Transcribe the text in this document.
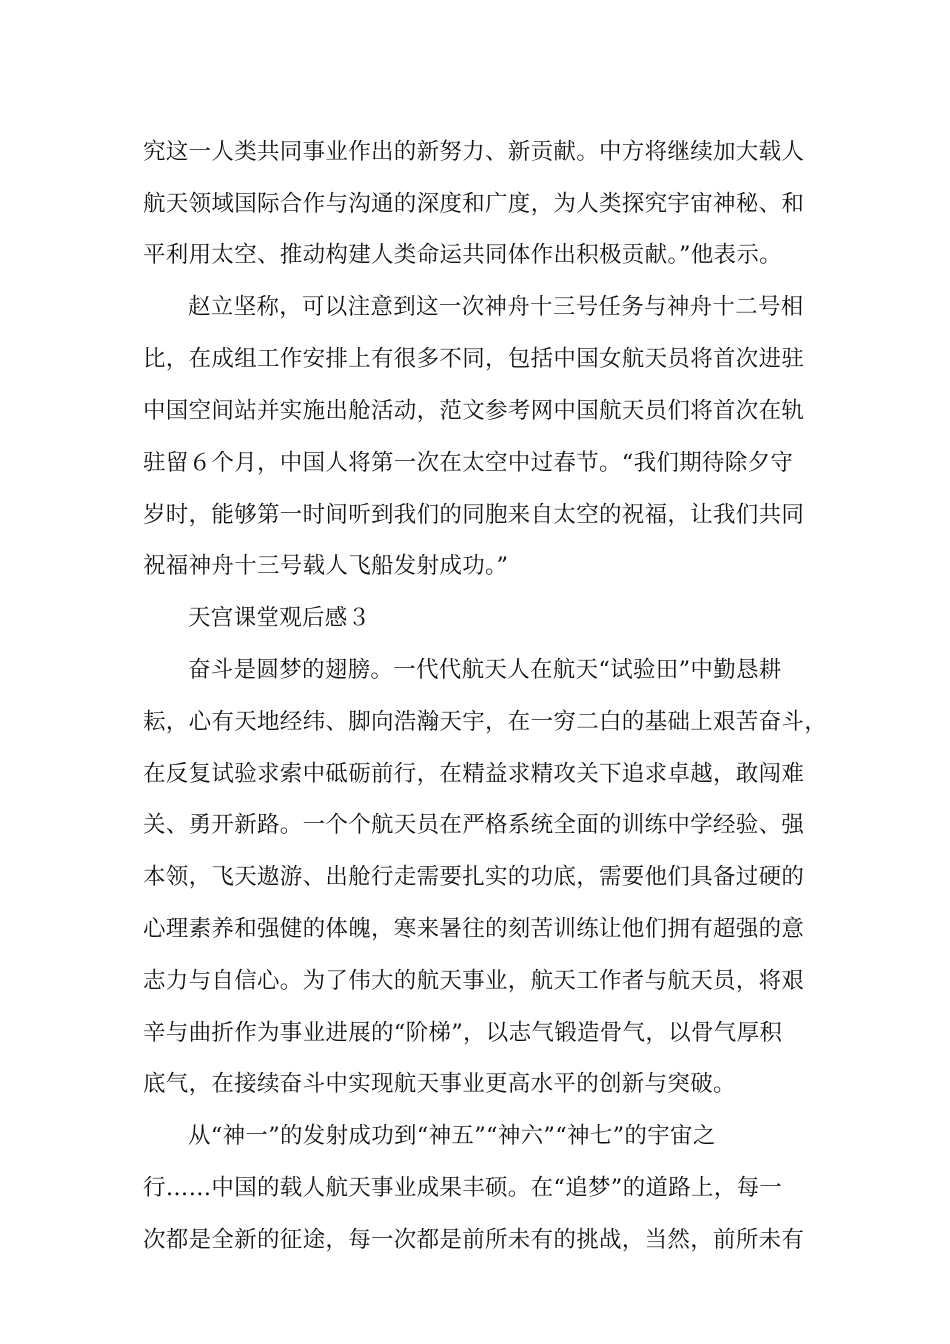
究这一人类共同事业作出的新努力、新贡献。中方将继续加大载人
航天领域国际合作与沟通的深度和广度，为人类探究宇宙神秘、和
平利用太空、推动构建人类命运共同体作出积极贡献。”他表示。
赵立坚称，可以注意到这一次神舟十三号任务与神舟十二号相
比，在成组工作安排上有很多不同，包括中国女航天员将首次进驻
中国空间站并实施出舱活动，范文参考网中国航天员们将首次在轨
驻留６个月，中国人将第一次在太空中过春节。“我们期待除夕守
岁时，能够第一时间听到我们的同胞来自太空的祝福，让我们共同
祝福神舟十三号载人飞船发射成功。”
天宫课堂观后感３
奋斗是圆梦的翅膀。一代代航天人在航天“试验田”中勤恳耕
耘，心有天地经纬、脚向浩瀚天宇，在一穷二白的基础上艰苦奋斗，
在反复试验求索中砥砺前行，在精益求精攻关下追求卓越，敢闯难
关、勇开新路。一个个航天员在严格系统全面的训练中学经验、强
本领，飞天遨游、出舱行走需要扎实的功底，需要他们具备过硬的
心理素养和强健的体魄，寒来暑往的刻苦训练让他们拥有超强的意
志力与自信心。为了伟大的航天事业，航天工作者与航天员，将艰
辛与曲折作为事业进展的“阶梯”，以志气锻造骨气，以骨气厚积
底气，在接续奋斗中实现航天事业更高水平的创新与突破。
从“神一”的发射成功到“神五”“神六”“神七”的宇宙之
行……中国的载人航天事业成果丰硕。在“追梦”的道路上，每一
次都是全新的征途，每一次都是前所未有的挑战，当然，前所未有
